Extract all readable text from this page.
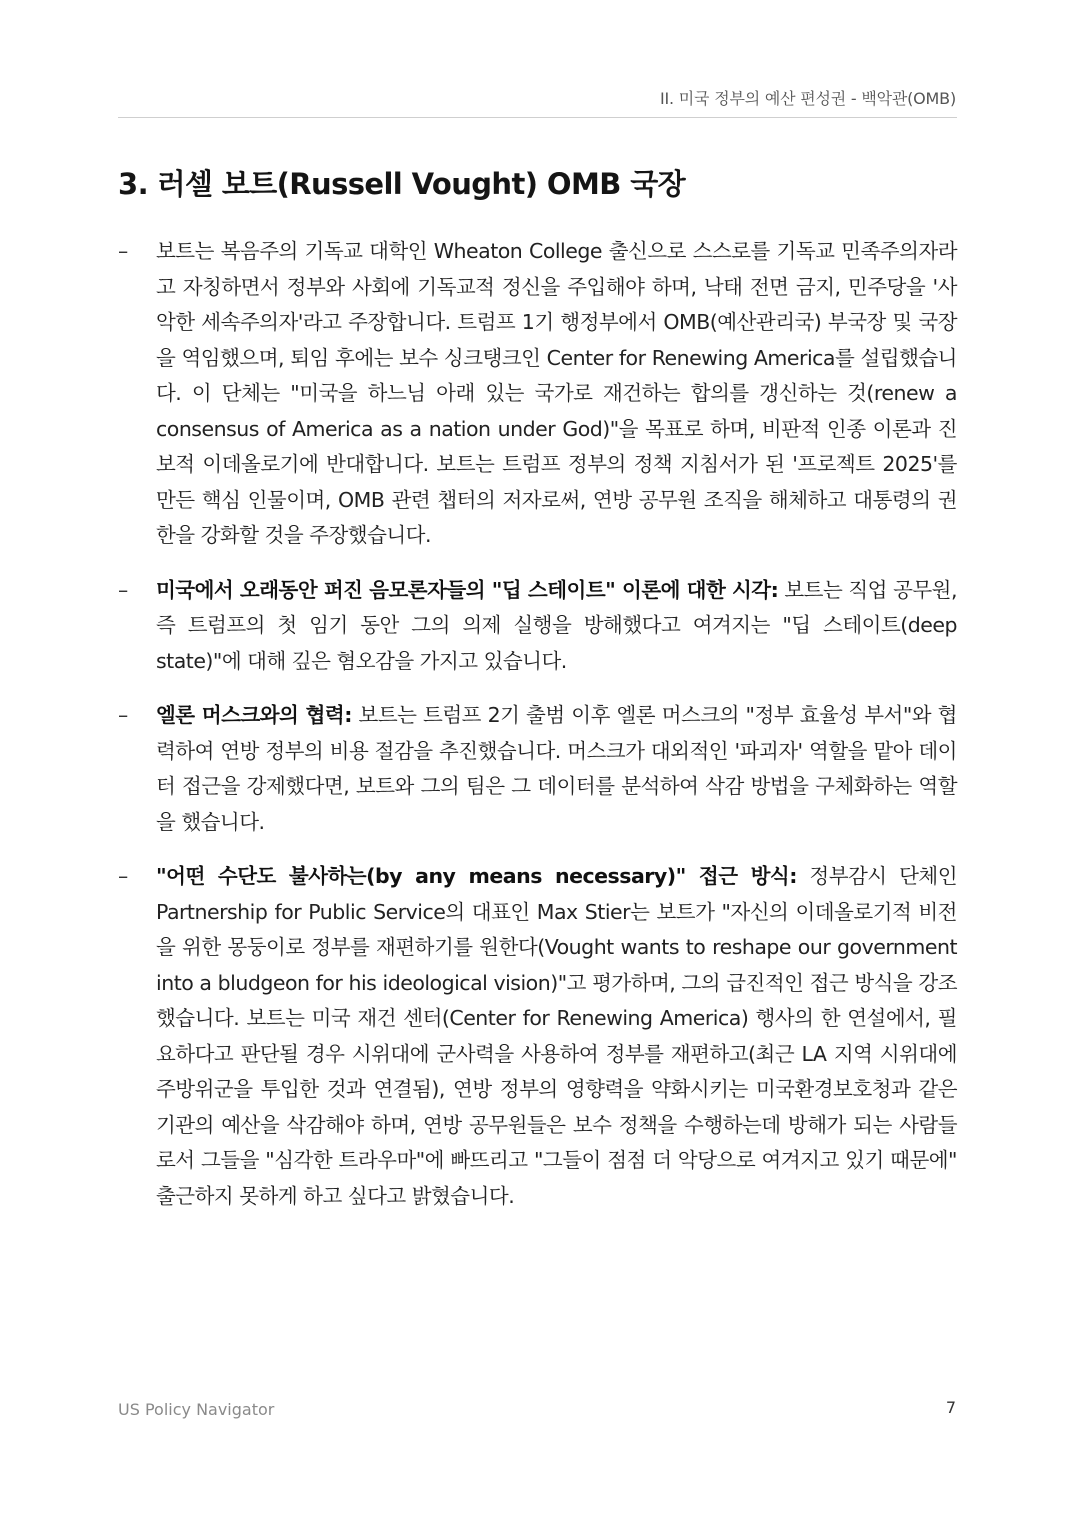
II. 미국 정부의 예산 편성권 - 백악관(OMB)
3. 러셀 보트(Russell Vought) OMB 국장
–	보트는 복음주의 기독교 대학인 Wheaton College 출신으로 스스로를 기독교 민족주의자라고 자칭하면서 정부와 사회에 기독교적 정신을 주입해야 하며, 낙태 전면 금지, 민주당을 '사악한 세속주의자'라고 주장합니다. 트럼프 1기 행정부에서 OMB(예산관리국) 부국장 및 국장을 역임했으며, 퇴임 후에는 보수 싱크탱크인 Center for Renewing America를 설립했습니다. 이 단체는 "미국을 하느님 아래 있는 국가로 재건하는 합의를 갱신하는 것(renew a consensus of America as a nation under God)"을 목표로 하며, 비판적 인종 이론과 진보적 이데올로기에 반대합니다. 보트는 트럼프 정부의 정책 지침서가 된 '프로젝트 2025'를 만든 핵심 인물이며, OMB 관련 챕터의 저자로써, 연방 공무원 조직을 해체하고 대통령의 권한을 강화할 것을 주장했습니다.
–	미국에서 오래동안 퍼진 음모론자들의 "딥 스테이트" 이론에 대한 시각: 보트는 직업 공무원, 즉 트럼프의 첫 임기 동안 그의 의제 실행을 방해했다고 여겨지는 "딥 스테이트(deep state)"에 대해 깊은 혐오감을 가지고 있습니다.
–	엘론 머스크와의 협력: 보트는 트럼프 2기 출범 이후 엘론 머스크의 "정부 효율성 부서"와 협력하여 연방 정부의 비용 절감을 추진했습니다. 머스크가 대외적인 '파괴자' 역할을 맡아 데이터 접근을 강제했다면, 보트와 그의 팀은 그 데이터를 분석하여 삭감 방법을 구체화하는 역할을 했습니다.
–	"어떤 수단도 불사하는(by any means necessary)" 접근 방식: 정부감시 단체인 Partnership for Public Service의 대표인 Max Stier는 보트가 "자신의 이데올로기적 비전을 위한 몽둥이로 정부를 재편하기를 원한다(Vought wants to reshape our government into a bludgeon for his ideological vision)"고 평가하며, 그의 급진적인 접근 방식을 강조했습니다. 보트는 미국 재건 센터(Center for Renewing America) 행사의 한 연설에서, 필요하다고 판단될 경우 시위대에 군사력을 사용하여 정부를 재편하고(최근 LA 지역 시위대에 주방위군을 투입한 것과 연결됨), 연방 정부의 영향력을 약화시키는 미국환경보호청과 같은 기관의 예산을 삭감해야 하며, 연방 공무원들은 보수 정책을 수행하는데 방해가 되는 사람들로서 그들을 "심각한 트라우마"에 빠뜨리고 "그들이 점점 더 악당으로 여겨지고 있기 때문에" 출근하지 못하게 하고 싶다고 밝혔습니다.
US Policy Navigator	7
